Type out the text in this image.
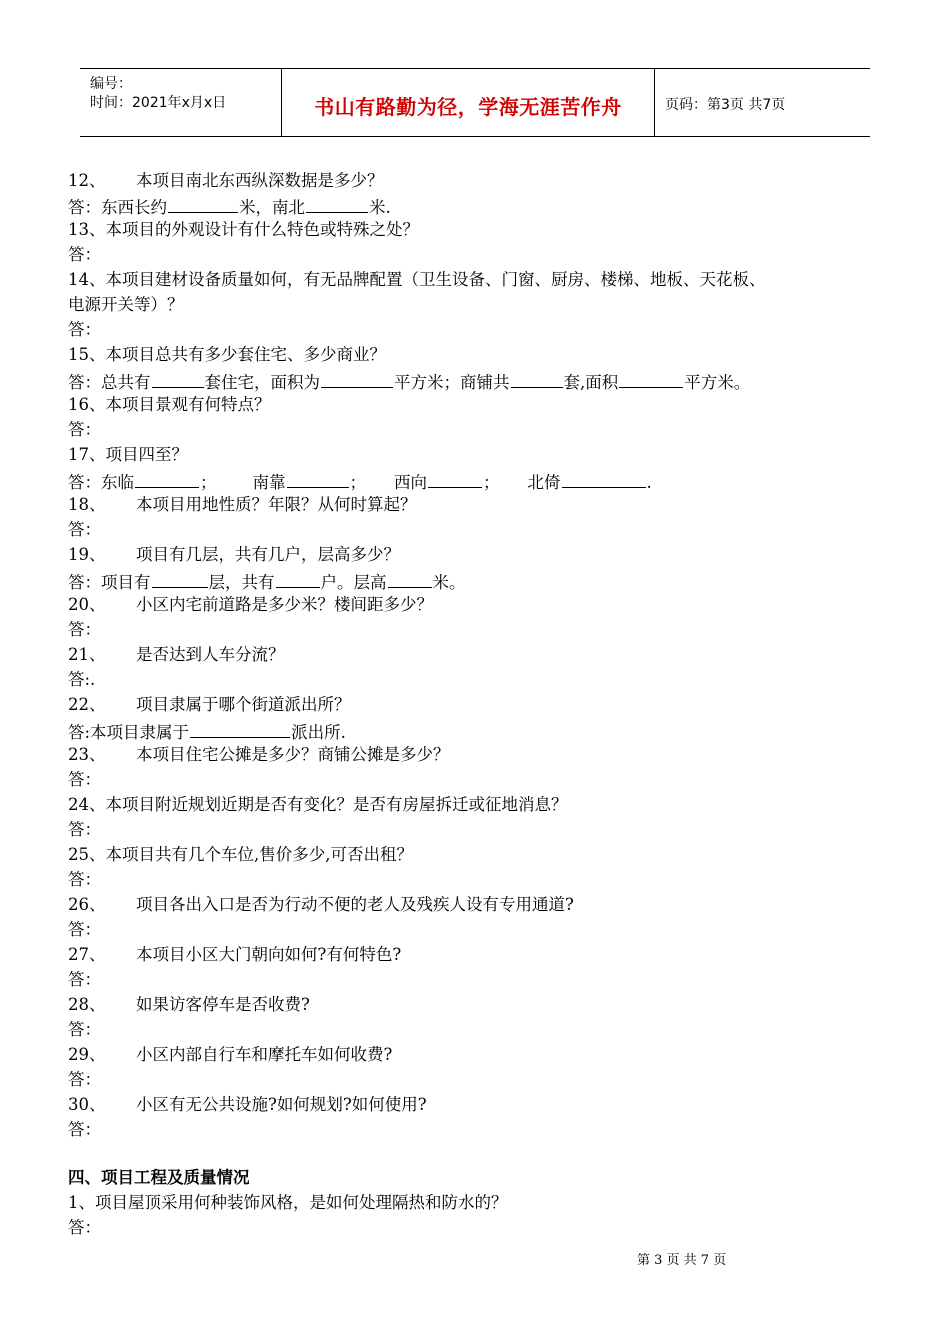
编号：
时间：2021年x月x日	书山有路勤为径，学海无涯苦作舟	页码：第3页 共7页
12、 本项目南北东西纵深数据是多少？
答：东西长约	米，南北	米.
13、本项目的外观设计有什么特色或特殊之处？
答：
14、本项目建材设备质量如何，有无品牌配置（卫生设备、门窗、厨房、楼梯、地板、天花板、
电源开关等）？
答：
15、本项目总共有多少套住宅、多少商业？
答：总共有	套住宅，面积为	平方米；商铺共	套,面积	平方米。
16、本项目景观有何特点？
答：
17、项目四至？
答：东临	； 南靠	； 西向	； 北倚	.
18、 本项目用地性质？年限？从何时算起？
答：
19、 项目有几层，共有几户，层高多少？
答：项目有	层，共有	户。层高	米。
20、 小区内宅前道路是多少米？楼间距多少？
答：
21、 是否达到人车分流？
答:.
22、 项目隶属于哪个街道派出所？
答:本项目隶属于	派出所.
23、 本项目住宅公摊是多少？商铺公摊是多少？
答：
24、本项目附近规划近期是否有变化？是否有房屋拆迁或征地消息？
答：
25、本项目共有几个车位,售价多少,可否出租？
答：
26、 项目各出入口是否为行动不便的老人及残疾人设有专用通道?
答：
27、 本项目小区大门朝向如何?有何特色?
答：
28、 如果访客停车是否收费?
答：
29、 小区内部自行车和摩托车如何收费?
答：
30、 小区有无公共设施?如何规划?如何使用?
答：
四、项目工程及质量情况
1、项目屋顶采用何种装饰风格，是如何处理隔热和防水的？
答：
第 3 页 共 7 页
